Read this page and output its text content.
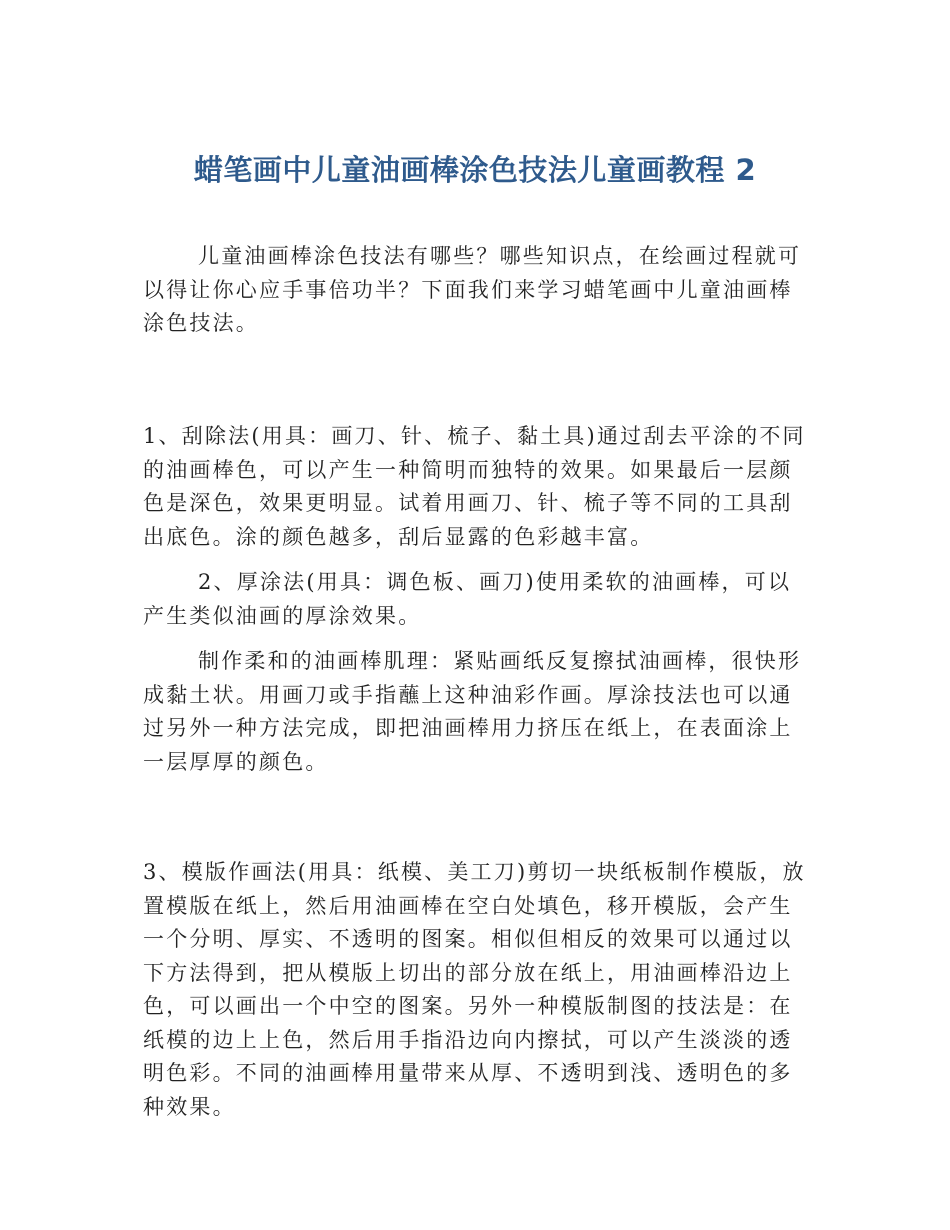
蜡笔画中儿童油画棒涂色技法儿童画教程 2

儿童油画棒涂色技法有哪些？哪些知识点，在绘画过程就可以得让你心应手事倍功半？下面我们来学习蜡笔画中儿童油画棒涂色技法。

1、刮除法(用具：画刀、针、梳子、黏土具)通过刮去平涂的不同的油画棒色，可以产生一种简明而独特的效果。如果最后一层颜色是深色，效果更明显。试着用画刀、针、梳子等不同的工具刮出底色。涂的颜色越多，刮后显露的色彩越丰富。

2、厚涂法(用具：调色板、画刀)使用柔软的油画棒，可以产生类似油画的厚涂效果。

制作柔和的油画棒肌理：紧贴画纸反复擦拭油画棒，很快形成黏土状。用画刀或手指蘸上这种油彩作画。厚涂技法也可以通过另外一种方法完成，即把油画棒用力挤压在纸上，在表面涂上一层厚厚的颜色。

3、模版作画法(用具：纸模、美工刀)剪切一块纸板制作模版，放置模版在纸上，然后用油画棒在空白处填色，移开模版，会产生一个分明、厚实、不透明的图案。相似但相反的效果可以通过以下方法得到，把从模版上切出的部分放在纸上，用油画棒沿边上色，可以画出一个中空的图案。另外一种模版制图的技法是：在纸模的边上上色，然后用手指沿边向内擦拭，可以产生淡淡的透明色彩。不同的油画棒用量带来从厚、不透明到浅、透明色的多种效果。
